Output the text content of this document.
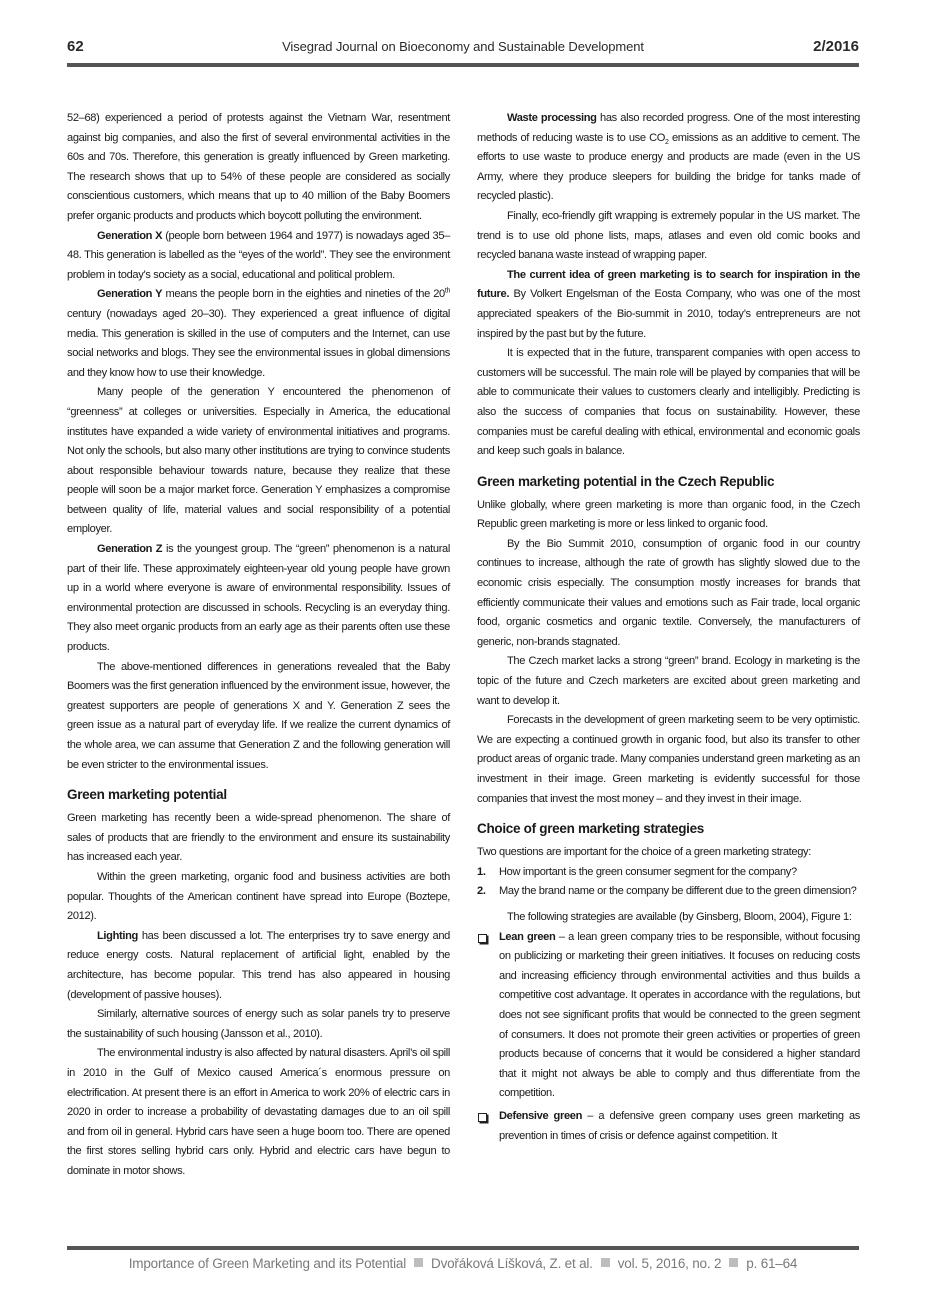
62	Visegrad Journal on Bioeconomy and Sustainable Development	2/2016

52–68) experienced a period of protests against the Vietnam War, resentment against big companies, and also the first of several environmental activities in the 60s and 70s. Therefore, this generation is greatly influenced by Green marketing. The research shows that up to 54% of these people are considered as socially conscientious customers, which means that up to 40 million of the Baby Boomers prefer organic products and products which boycott polluting the environment.

Generation X (people born between 1964 and 1977) is nowadays aged 35–48. This generation is labelled as the “eyes of the world”. They see the environment problem in today’s society as a social, educational and political problem.

Generation Y means the people born in the eighties and nineties of the 20th century (nowadays aged 20–30). They experienced a great influence of digital media. This generation is skilled in the use of computers and the Internet, can use social networks and blogs. They see the environmental issues in global dimensions and they know how to use their knowledge.

Many people of the generation Y encountered the phenomenon of “greenness” at colleges or universities. Especially in America, the educational institutes have expanded a wide variety of environmental initiatives and programs. Not only the schools, but also many other institutions are trying to convince students about responsible behaviour towards nature, because they realize that these people will soon be a major market force. Generation Y emphasizes a compromise between quality of life, material values and social responsibility of a potential employer.

Generation Z is the youngest group. The “green” phenomenon is a natural part of their life. These approximately eighteen-year old young people have grown up in a world where everyone is aware of environmental responsibility. Issues of environmental protection are discussed in schools. Recycling is an everyday thing. They also meet organic products from an early age as their parents often use these products.

The above-mentioned differences in generations revealed that the Baby Boomers was the first generation influenced by the environment issue, however, the greatest supporters are people of generations X and Y. Generation Z sees the green issue as a natural part of everyday life. If we realize the current dynamics of the whole area, we can assume that Generation Z and the following generation will be even stricter to the environmental issues.

Green marketing potential

Green marketing has recently been a wide-spread phenomenon. The share of sales of products that are friendly to the environment and ensure its sustainability has increased each year.

Within the green marketing, organic food and business activities are both popular. Thoughts of the American continent have spread into Europe (Boztepe, 2012).

Lighting has been discussed a lot. The enterprises try to save energy and reduce energy costs. Natural replacement of artificial light, enabled by the architecture, has become popular. This trend has also appeared in housing (development of passive houses).

Similarly, alternative sources of energy such as solar panels try to preserve the sustainability of such housing (Jansson et al., 2010).

The environmental industry is also affected by natural disasters. April’s oil spill in 2010 in the Gulf of Mexico caused America´s enormous pressure on electrification. At present there is an effort in America to work 20% of electric cars in 2020 in order to increase a probability of devastating damages due to an oil spill and from oil in general. Hybrid cars have seen a huge boom too. There are opened the first stores selling hybrid cars only. Hybrid and electric cars have begun to dominate in motor shows.

Waste processing has also recorded progress. One of the most interesting methods of reducing waste is to use $CO_2$ emissions as an additive to cement. The efforts to use waste to produce energy and products are made (even in the US Army, where they produce sleepers for building the bridge for tanks made of recycled plastic).

Finally, eco-friendly gift wrapping is extremely popular in the US market. The trend is to use old phone lists, maps, atlases and even old comic books and recycled banana waste instead of wrapping paper.

The current idea of green marketing is to search for inspiration in the future. By Volkert Engelsman of the Eosta Company, who was one of the most appreciated speakers of the Bio-summit in 2010, today’s entrepreneurs are not inspired by the past but by the future.

It is expected that in the future, transparent companies with open access to customers will be successful. The main role will be played by companies that will be able to communicate their values to customers clearly and intelligibly. Predicting is also the success of companies that focus on sustainability. However, these companies must be careful dealing with ethical, environmental and economic goals and keep such goals in balance.

Green marketing potential in the Czech Republic

Unlike globally, where green marketing is more than organic food, in the Czech Republic green marketing is more or less linked to organic food.

By the Bio Summit 2010, consumption of organic food in our country continues to increase, although the rate of growth has slightly slowed due to the economic crisis especially. The consumption mostly increases for brands that efficiently communicate their values and emotions such as Fair trade, local organic food, organic cosmetics and organic textile. Conversely, the manufacturers of generic, non-brands stagnated.

The Czech market lacks a strong “green” brand. Ecology in marketing is the topic of the future and Czech marketers are excited about green marketing and want to develop it.

Forecasts in the development of green marketing seem to be very optimistic. We are expecting a continued growth in organic food, but also its transfer to other product areas of organic trade. Many companies understand green marketing as an investment in their image. Green marketing is evidently successful for those companies that invest the most money – and they invest in their image.

Choice of green marketing strategies

Two questions are important for the choice of a green marketing strategy:

1. How important is the green consumer segment for the company?
2. May the brand name or the company be different due to the green dimension?

The following strategies are available (by Ginsberg, Bloom, 2004), Figure 1:

Lean green – a lean green company tries to be responsible, without focusing on publicizing or marketing their green initiatives. It focuses on reducing costs and increasing efficiency through environmental activities and thus builds a competitive cost advantage. It operates in accordance with the regulations, but does not see significant profits that would be connected to the green segment of consumers. It does not promote their green activities or properties of green products because of concerns that it would be considered a higher standard that it might not always be able to comply and thus differentiate from the competition.
Defensive green – a defensive green company uses green marketing as prevention in times of crisis or defence against competition. It
Importance of Green Marketing and its Potential Dvořáková Líšková, Z. et al. vol. 5, 2016, no. 2 p. 61–64
